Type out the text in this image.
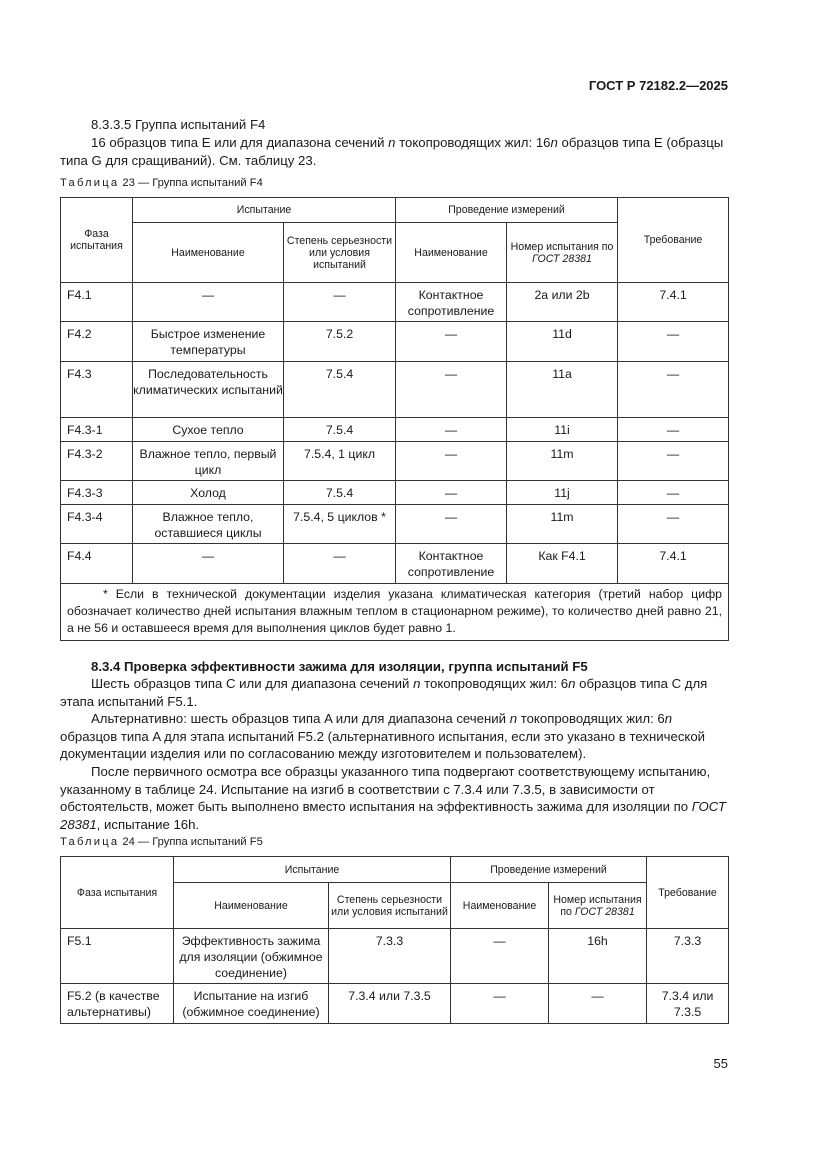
ГОСТ Р 72182.2—2025

8.3.3.5 Группа испытаний F4

16 образцов типа E или для диапазона сечений n токопроводящих жил: 16n образцов типа E (образцы типа G для сращиваний). См. таблицу 23.

Таблица 23 — Группа испытаний F4
Фаза испытания	Испытание		Проведение измерений		Требование
	Наименование	Степень серьезности или условия испытаний	Наименование	Номер испытания по ГОСТ 28381	
F4.1	—	—	Контактное сопротивление	2a или 2b	7.4.1
F4.2	Быстрое изменение температуры	7.5.2	—	11d	—
F4.3	Последовательность климатических испытаний	7.5.4	—	11a	—
F4.3-1	Сухое тепло	7.5.4	—	11i	—
F4.3-2	Влажное тепло, первый цикл	7.5.4, 1 цикл	—	11m	—
F4.3-3	Холод	7.5.4	—	11j	—
F4.3-4	Влажное тепло, оставшиеся циклы	7.5.4, 5 циклов *	—	11m	—
F4.4	—	—	Контактное сопротивление	Как F4.1	7.4.1
* Если в технической документации изделия указана климатическая категория (третий набор цифр обозначает количество дней испытания влажным теплом в стационарном режиме), то количество дней равно 21, а не 56 и оставшееся время для выполнения циклов будет равно 1.					

8.3.4 Проверка эффективности зажима для изоляции, группа испытаний F5

Шесть образцов типа C или для диапазона сечений n токопроводящих жил: 6n образцов типа C для этапа испытаний F5.1.

Альтернативно: шесть образцов типа A или для диапазона сечений n токопроводящих жил: 6n образцов типа A для этапа испытаний F5.2 (альтернативного испытания, если это указано в технической документации изделия или по согласованию между изготовителем и пользователем).

После первичного осмотра все образцы указанного типа подвергают соответствующему испытанию, указанному в таблице 24. Испытание на изгиб в соответствии с 7.3.4 или 7.3.5, в зависимости от обстоятельств, может быть выполнено вместо испытания на эффективность зажима для изоляции по ГОСТ 28381, испытание 16h.

Таблица 24 — Группа испытаний F5
Фаза испытания	Испытание		Проведение измерений		Требование
	Наименование	Степень серьезности или условия испытаний	Наименование	Номер испытания по ГОСТ 28381	
F5.1	Эффективность зажима для изоляции (обжимное соединение)	7.3.3	—	16h	7.3.3
F5.2 (в качестве альтернативы)	Испытание на изгиб (обжимное соединение)	7.3.4 или 7.3.5	—	—	7.3.4 или 7.3.5
55
